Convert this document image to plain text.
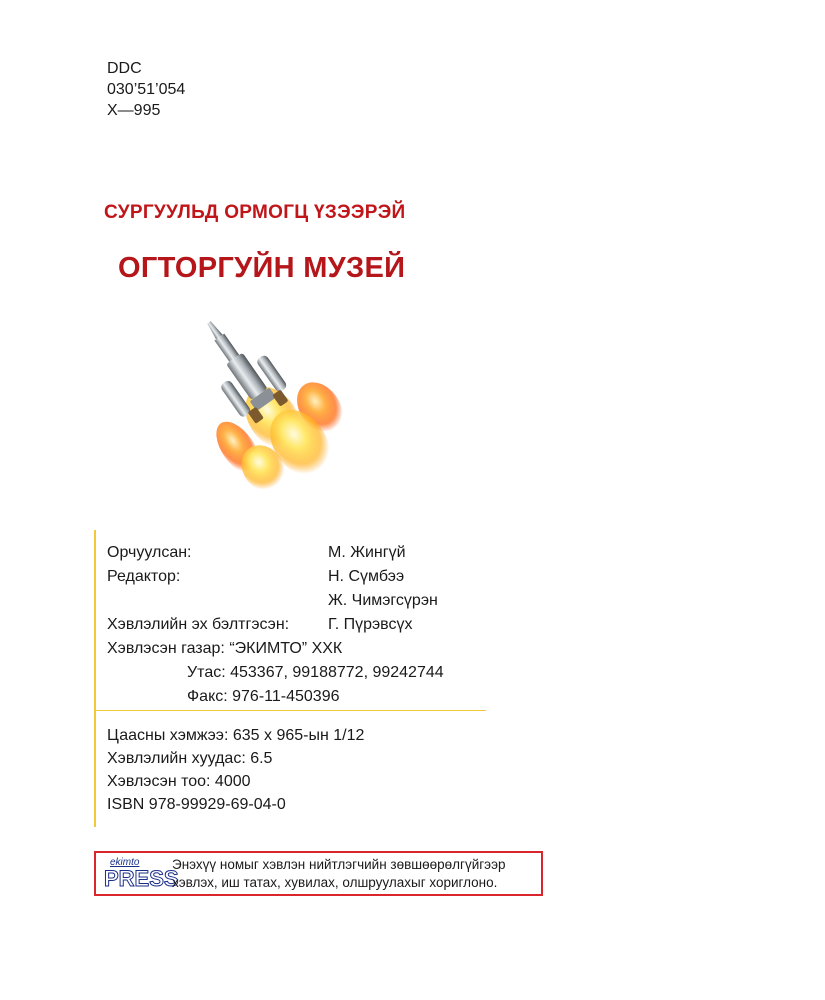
DDC
030’51’054
Х—995
СУРГУУЛЬД ОРМОГЦ ҮЗЭЭРЭЙ
ОГТОРГУЙН МУЗЕЙ
Орчуулсан:	М. Жингүй
Редактор:	Н. Сүмбээ
Ж. Чимэгсүрэн
Хэвлэлийн эх бэлтгэсэн: Г. Пүрэвсүх
Хэвлэсэн газар: “ЭКИМТО” ХХК
Утас: 453367, 99188772, 99242744
Факс: 976-11-450396
Цаасны хэмжээ: 635 x 965-ын 1/12
Хэвлэлийн хуудас: 6.5
Хэвлэсэн тоо: 4000
ISBN 978-99929-69-04-0
ekimto
PRESS
Энэхүү номыг хэвлэн нийтлэгчийн зөвшөөрөлгүйгээр
хэвлэх, иш татах, хувилах, олшруулахыг хориглоно.
